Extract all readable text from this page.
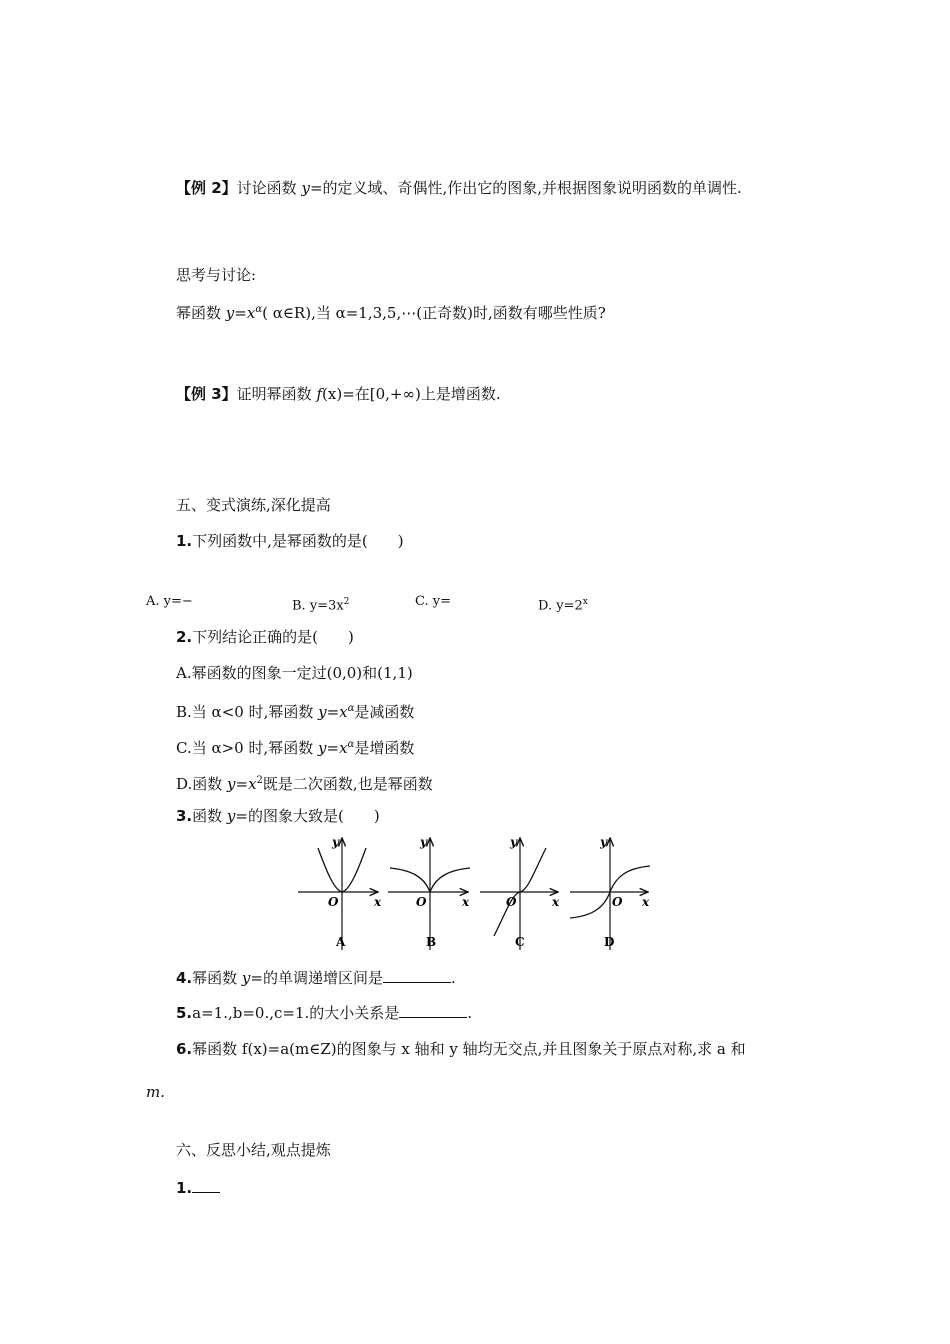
【例 2】讨论函数 y=的定义域、奇偶性,作出它的图象,并根据图象说明函数的单调性.
思考与讨论:
幂函数 $y=x^\alpha$( α∈R),当 α=1,3,5,⋯(正奇数)时,函数有哪些性质?
【例 3】证明幂函数 f(x)=在[0,+∞)上是增函数.
五、变式演练,深化提高
1.下列函数中,是幂函数的是(　　)
A. y=−	B. $y=3x^2$	C. y=	D. $y=2^x$
2.下列结论正确的是(　　)
A.幂函数的图象一定过(0,0)和(1,1)
B.当 α<0 时,幂函数 $y=x^\alpha$是减函数
C.当 α>0 时,幂函数 $y=x^\alpha$是增函数
D.函数 $y=x^2$既是二次函数,也是幂函数
3.函数 y=的图象大致是(　　)
y
x
O
y
x
O
y
x
O
y
x
O
A	B	C	D
4.幂函数 y=的单调递增区间是	.
5.a=1.,b=0.,c=1.的大小关系是	.
6.幂函数 f(x)=a(m∈Z)的图象与 x 轴和 y 轴均无交点,并且图象关于原点对称,求 a 和
m.
六、反思小结,观点提炼
1.
